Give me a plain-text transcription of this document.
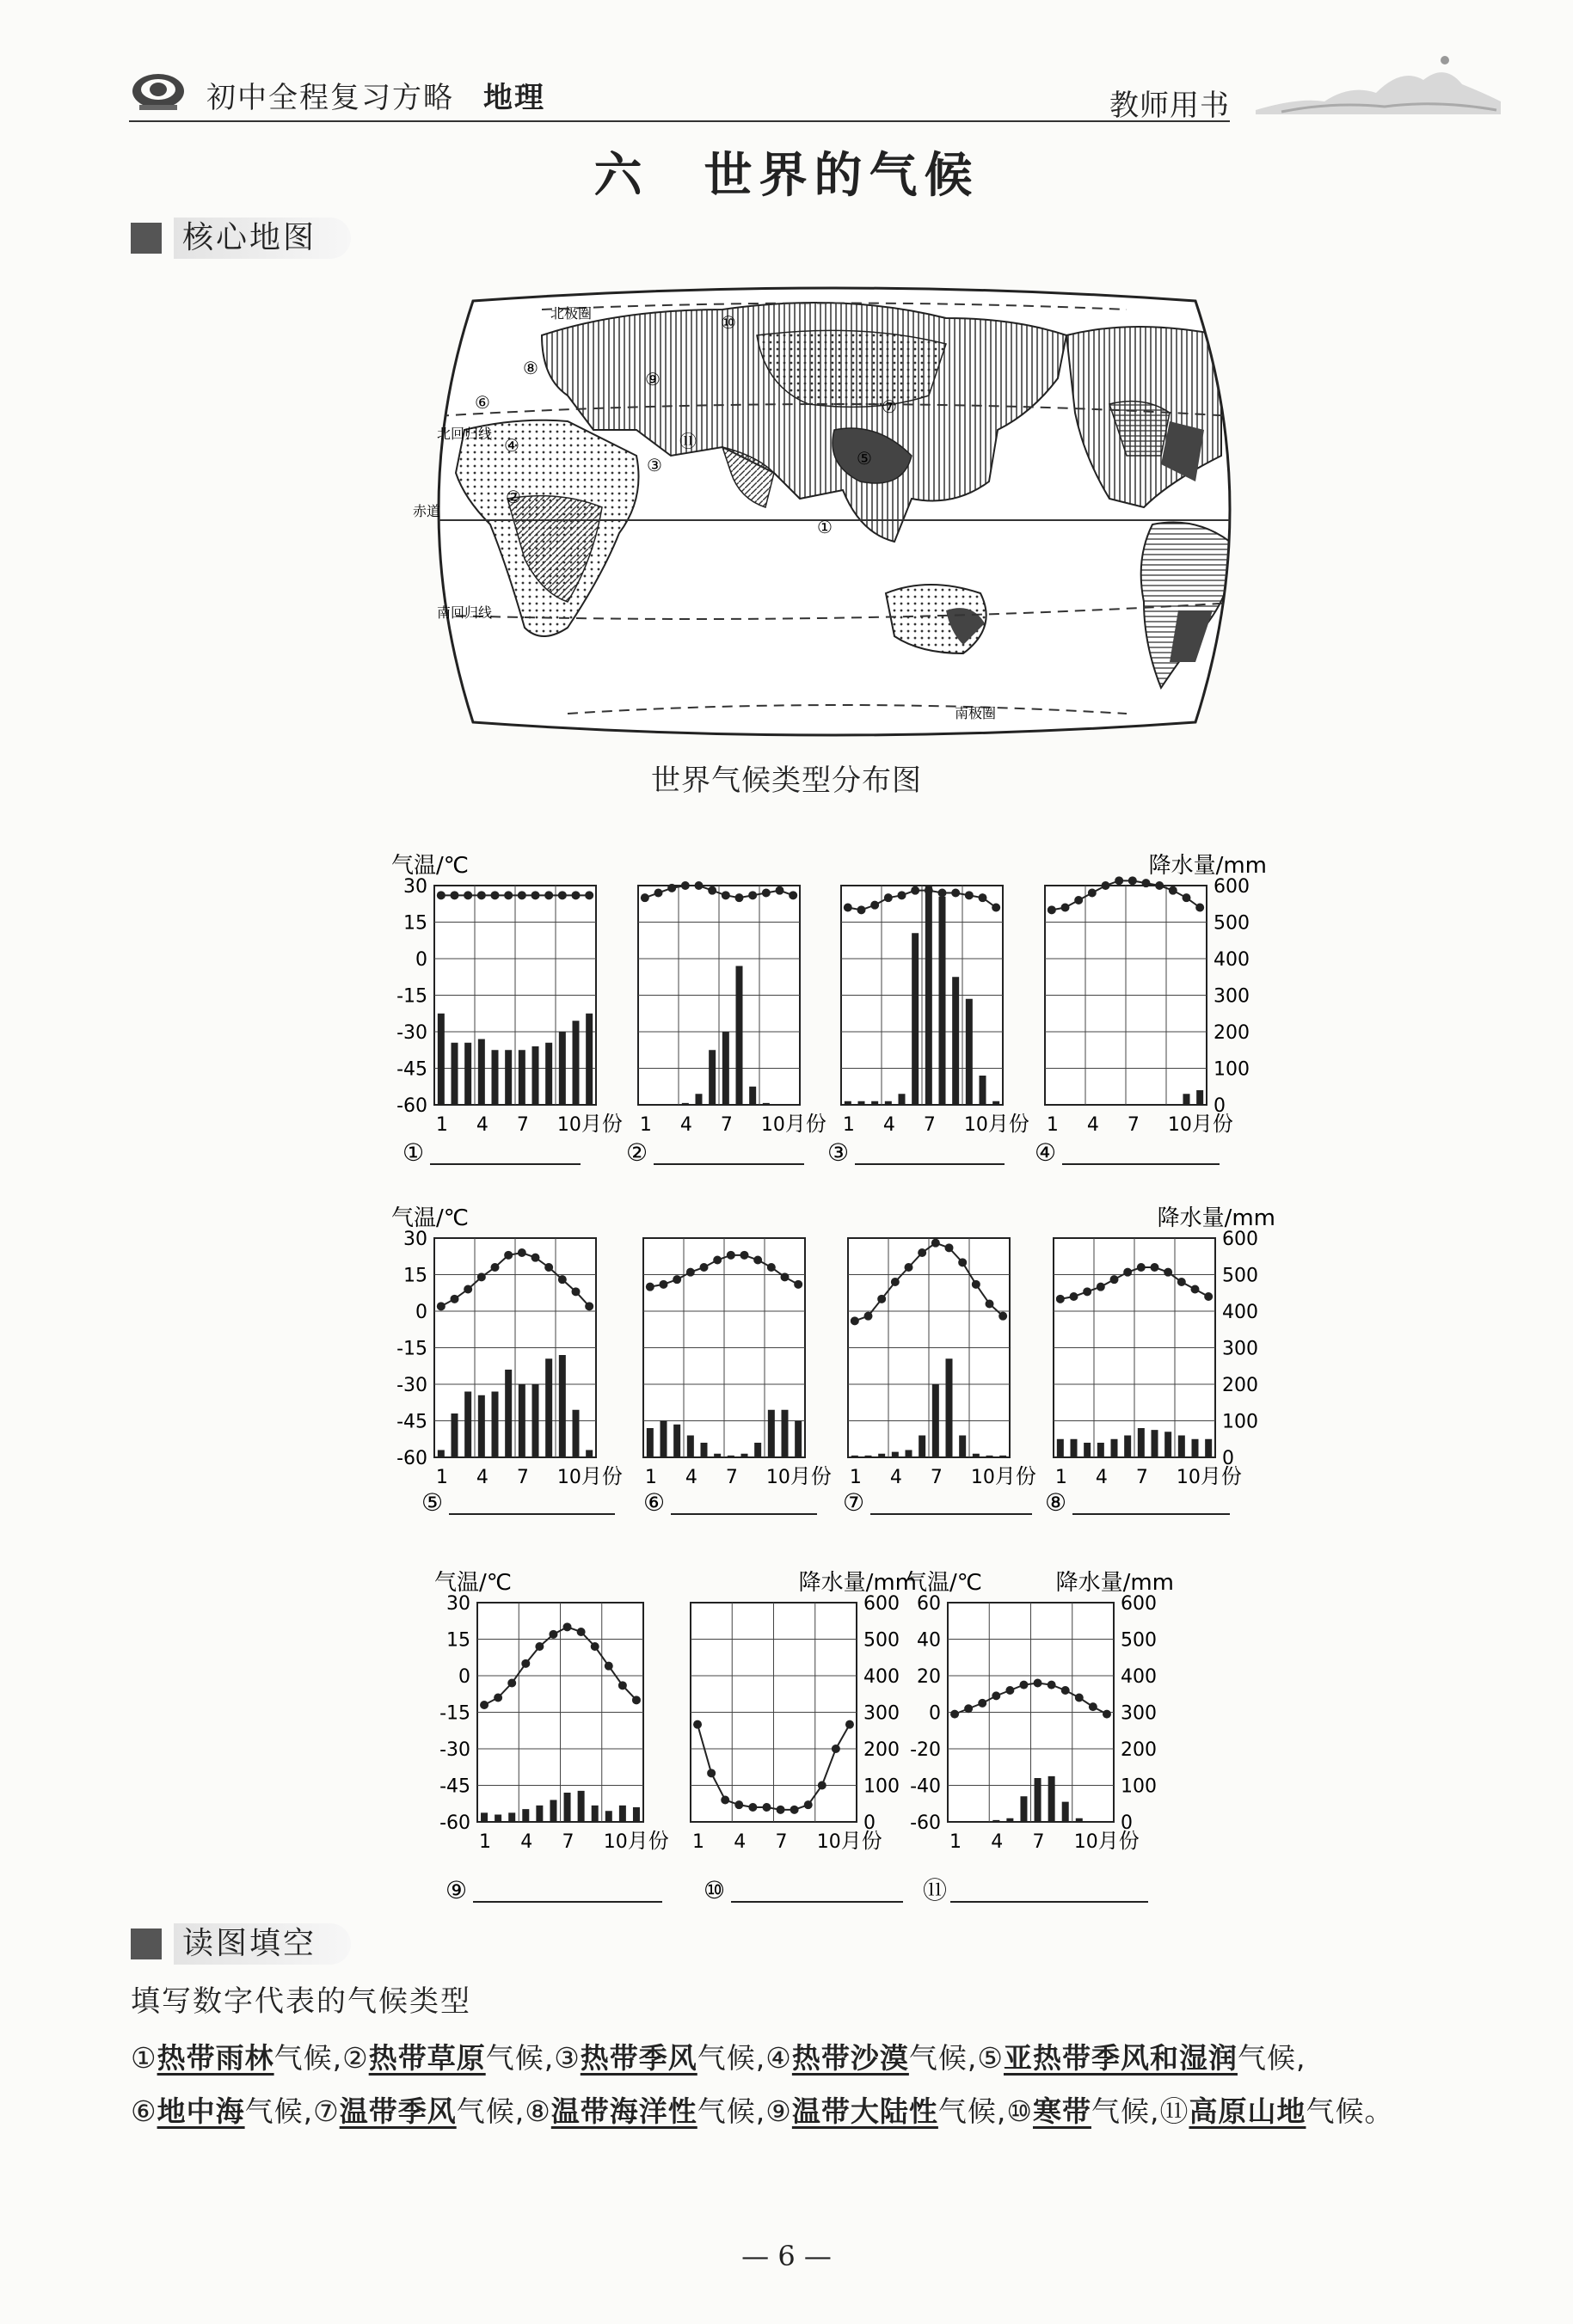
初中全程复习方略 地理	教师用书
六　世界的气候
核心地图
北极圈
北回归线
赤道
南回归线
南极圈
①
②
③
④
⑤
⑥	⑦
⑧
⑨
⑩
⑪
世界气候类型分布图
30
15
0
-15
-30
-45
-60
气温/℃
1 4 7 10 月份
①
1 4 7 10 月份
②
1 4 7 10 月份
③
600
500
400
300
200
100
0
降水量/mm
1 4 7 10 月份
④
30
15
0
-15
-30
-45
-60
气温/℃
1 4 7 10 月份
⑤
1 4 7 10 月份
⑥
1 4 7 10 月份
⑦
600
500
400
300
200
100
0
降水量/mm
1 4 7 10 月份
⑧
30
15
0
-15
-30
-45
-60
气温/℃
1 4 7 10 月份
⑨
600
500
400
300
200
100
0
降水量/mm
1 4 7 10 月份
⑩
60
40
20
0
-20
-40
-60
600
500
400
300
200
100
0
气温/℃	降水量/mm
1 4 7 10 月份
⑪
读图填空
填写数字代表的气候类型
①热带雨林气候,②热带草原气候,③热带季风气候,④热带沙漠气候,⑤亚热带季风和湿润气候,
⑥地中海气候,⑦温带季风气候,⑧温带海洋性气候,⑨温带大陆性气候,⑩寒带气候,⑪高原山地气候。
— 6 —
